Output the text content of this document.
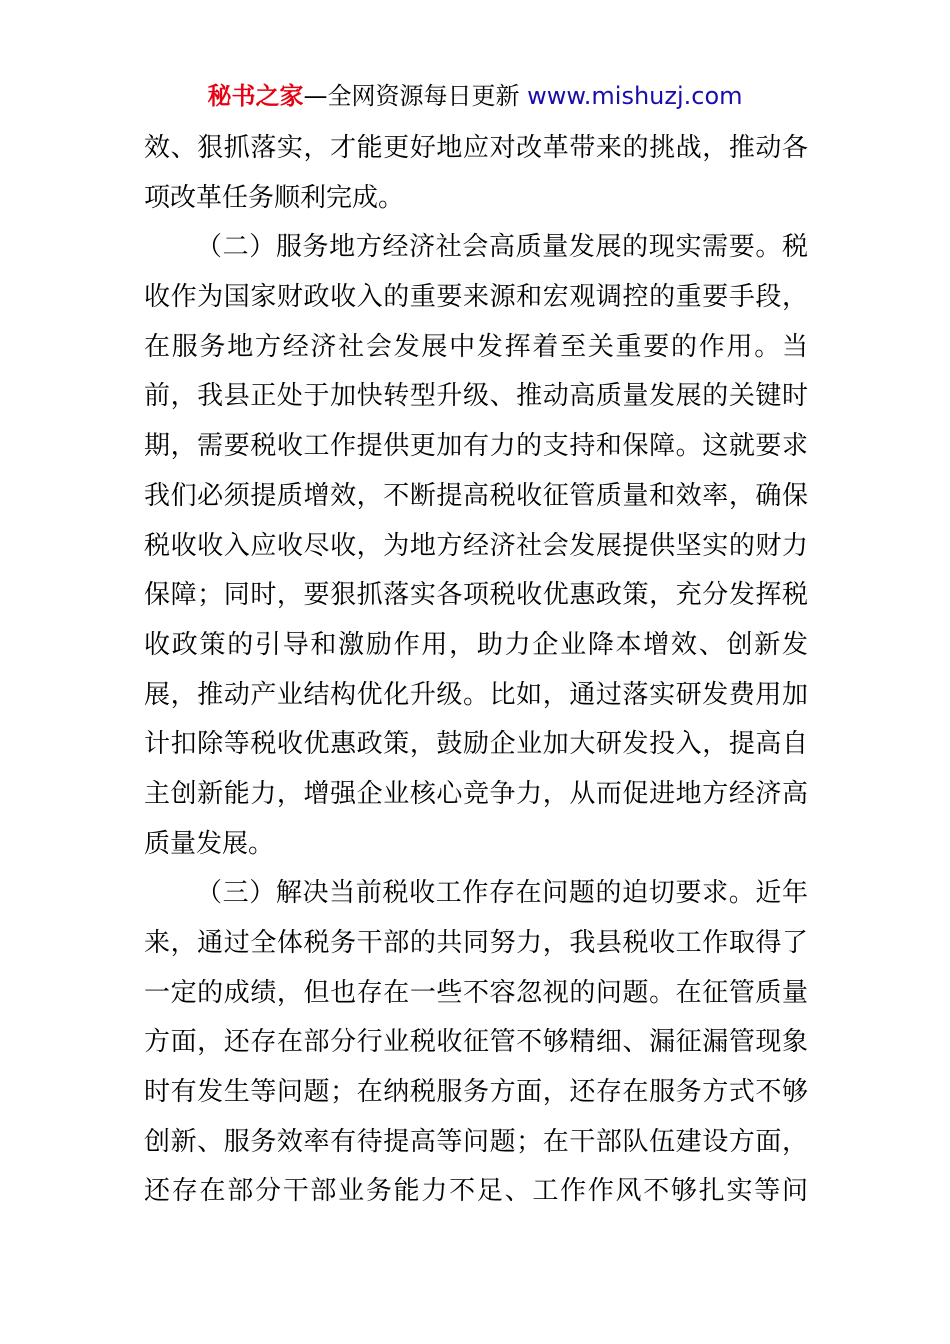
秘书之家—全网资源每日更新 www.mishuzj.com
效、狠抓落实，才能更好地应对改革带来的挑战，推动各
项改革任务顺利完成。
（二）服务地方经济社会高质量发展的现实需要。税
收作为国家财政收入的重要来源和宏观调控的重要手段，
在服务地方经济社会发展中发挥着至关重要的作用。当
前，我县正处于加快转型升级、推动高质量发展的关键时
期，需要税收工作提供更加有力的支持和保障。这就要求
我们必须提质增效，不断提高税收征管质量和效率，确保
税收收入应收尽收，为地方经济社会发展提供坚实的财力
保障；同时，要狠抓落实各项税收优惠政策，充分发挥税
收政策的引导和激励作用，助力企业降本增效、创新发
展，推动产业结构优化升级。比如，通过落实研发费用加
计扣除等税收优惠政策，鼓励企业加大研发投入，提高自
主创新能力，增强企业核心竞争力，从而促进地方经济高
质量发展。
（三）解决当前税收工作存在问题的迫切要求。近年
来，通过全体税务干部的共同努力，我县税收工作取得了
一定的成绩，但也存在一些不容忽视的问题。在征管质量
方面，还存在部分行业税收征管不够精细、漏征漏管现象
时有发生等问题；在纳税服务方面，还存在服务方式不够
创新、服务效率有待提高等问题；在干部队伍建设方面，
还存在部分干部业务能力不足、工作作风不够扎实等问
